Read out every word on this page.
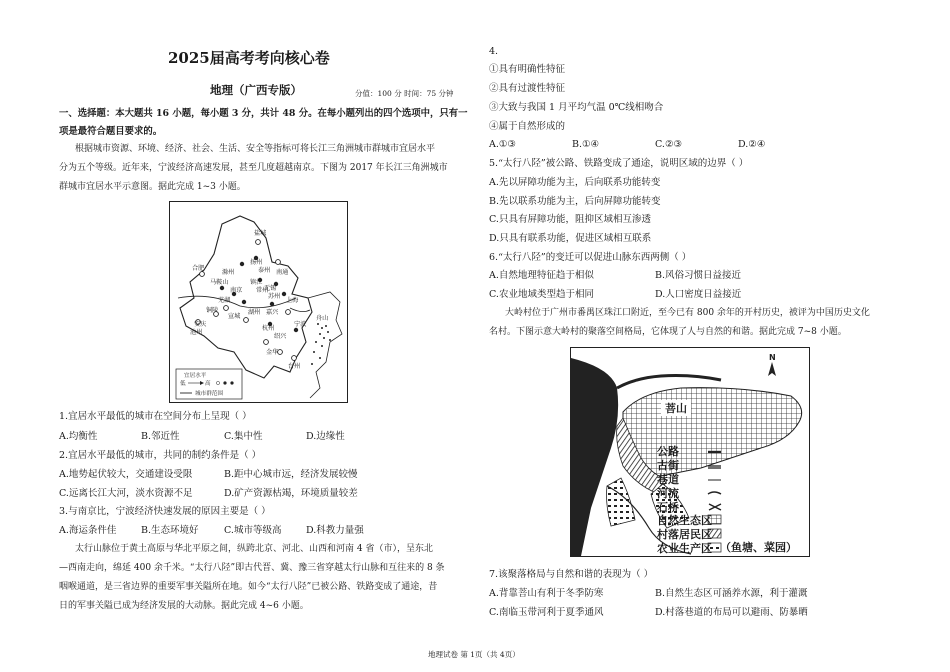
2025届高考考向核心卷
地理（广西专版）	分值：100 分 时间：75 分钟
一、选择题：本大题共 16 小题，每小题 3 分，共计 48 分。在每小题列出的四个选项中，只有一
项是最符合题目要求的。
根据城市资源、环境、经济、社会、生活、安全等指标可将长江三角洲城市群城市宜居水平
分为五个等级。近年来，宁波经济高速发展，甚至几度超越南京。下图为 2017 年长江三角洲城市
群城市宜居水平示意图。据此完成 1~3 小题。
盐城
泰州
扬州
南通
滁州
镇江
合肥
马鞍山
常州
南京
苏州
无锡
上海
芜湖
宣城
湖州 嘉兴
铜陵
池州
杭州
宁波
安庆
绍兴
舟山
金华
台州
宜居水平
低	高
城市群范围
1.宜居水平最低的城市在空间分布上呈现（ ）
A.均衡性	B.邻近性	C.集中性	D.边缘性
2.宜居水平最低的城市，共同的制约条件是（ ）
A.地势起伏较大，交通建设受限	B.距中心城市远，经济发展较慢
C.远离长江大河，淡水资源不足	D.矿产资源枯竭，环境质量较差
3.与南京比，宁波经济快速发展的原因主要是（ ）
A.海运条件佳	B.生态环境好	C.城市等级高	D.科教力量强
太行山脉位于黄土高原与华北平原之间，纵跨北京、河北、山西和河南 4 省（市），呈东北
—西南走向，绵延 400 余千米。“太行八陉”即古代晋、冀、豫三省穿越太行山脉和互往来的 8 条
咽喉通道，是三省边界的重要军事关隘所在地。如今“太行八陉”已被公路、铁路变成了通途，昔
日的军事关隘已成为经济发展的大动脉。据此完成 4~6 小题。
4.
①具有明确性特征
②具有过渡性特征
③大致与我国 1 月平均气温 0℃线相吻合
④属于自然形成的
A.①③	B.①④	C.②③	D.②④
5.“太行八陉”被公路、铁路变成了通途，说明区域的边界（ ）
A.先以屏障功能为主，后向联系功能转变
B.先以联系功能为主，后向屏障功能转变
C.只具有屏障功能，阻抑区域相互渗透
D.只具有联系功能，促进区域相互联系
6.“太行八陉”的变迁可以促进山脉东西两侧（ ）
A.自然地理特征趋于相似	B.风俗习惯日益接近
C.农业地域类型趋于相同	D.人口密度日益接近
大岭村位于广州市番禺区珠江口附近，至今已有 800 余年的开村历史，被评为中国历史文化
名村。下图示意大岭村的聚落空间格局，它体现了人与自然的和谐。据此完成 7~8 小题。
菩山
N
公路
古街
巷道
河流
石桥
自然生态区
村落居民区
农业生产区 （鱼塘、菜园）
7.该聚落格局与自然和谐的表现为（ ）
A.背靠菩山有利于冬季防寒	B.自然生态区可涵养水源，利于灌溉
C.南临玉带河利于夏季通风	D.村落巷道的布局可以避雨、防暴晒
地理试卷 第 1页（共 4页）
